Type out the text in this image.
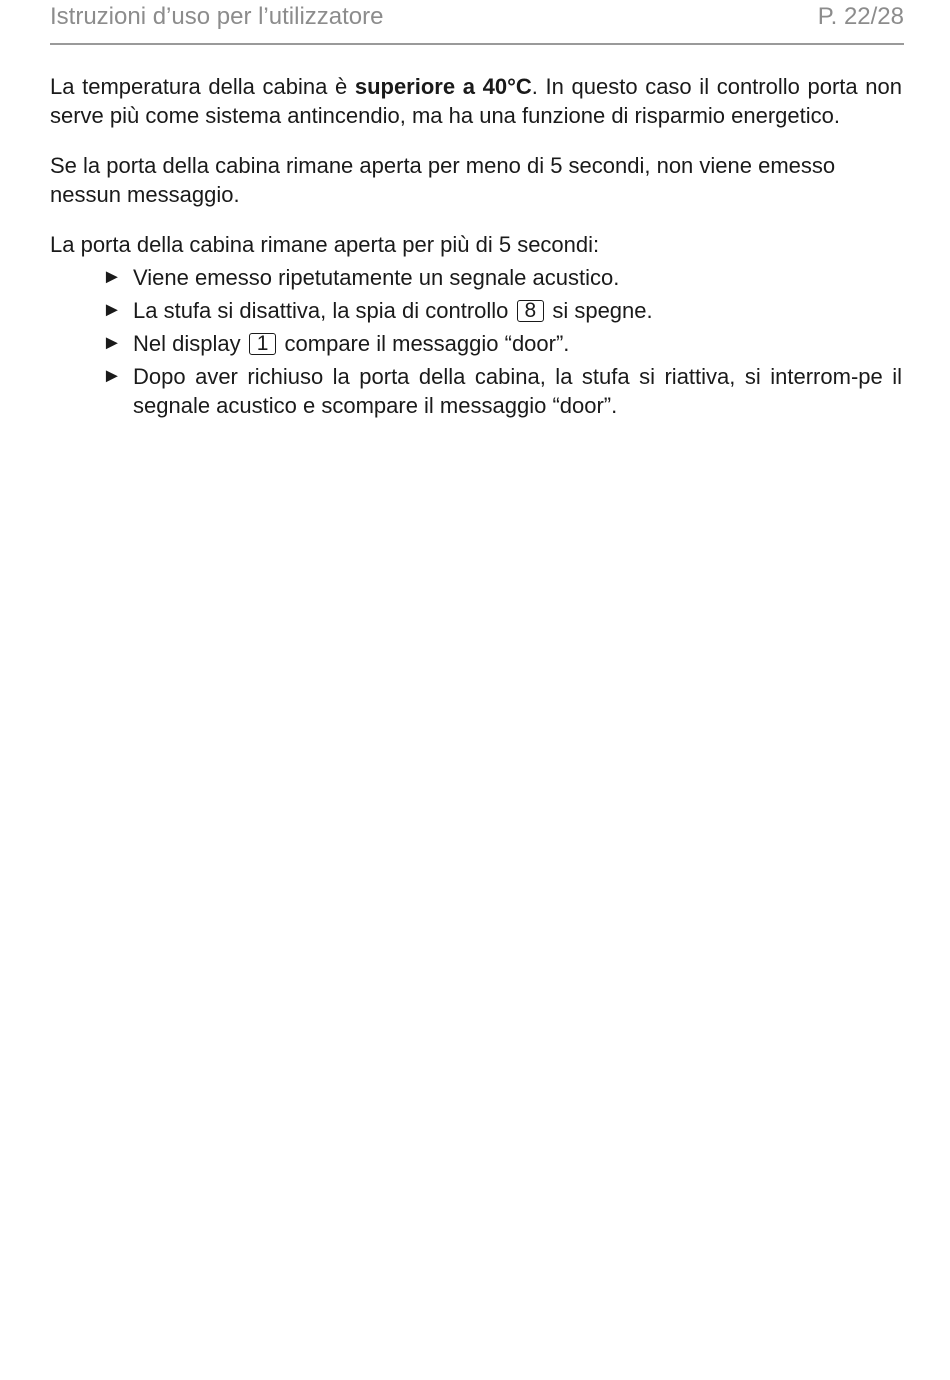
Istruzioni d’uso per l’utilizzatore	P. 22/28

La temperatura della cabina è superiore a 40°C. In questo caso il controllo porta non serve più come sistema antincendio, ma ha una funzione di risparmio energetico.

Se la porta della cabina rimane aperta per meno di 5 secondi, non viene emesso nessun messaggio.

La porta della cabina rimane aperta per più di 5 secondi:

► Viene emesso ripetutamente un segnale acustico.
► La stufa si disattiva, la spia di controllo 8 si spegne.
► Nel display 1 compare il messaggio “door”.
► Dopo aver richiuso la porta della cabina, la stufa si riattiva, si interrom-pe il segnale acustico e scompare il messaggio “door”.
